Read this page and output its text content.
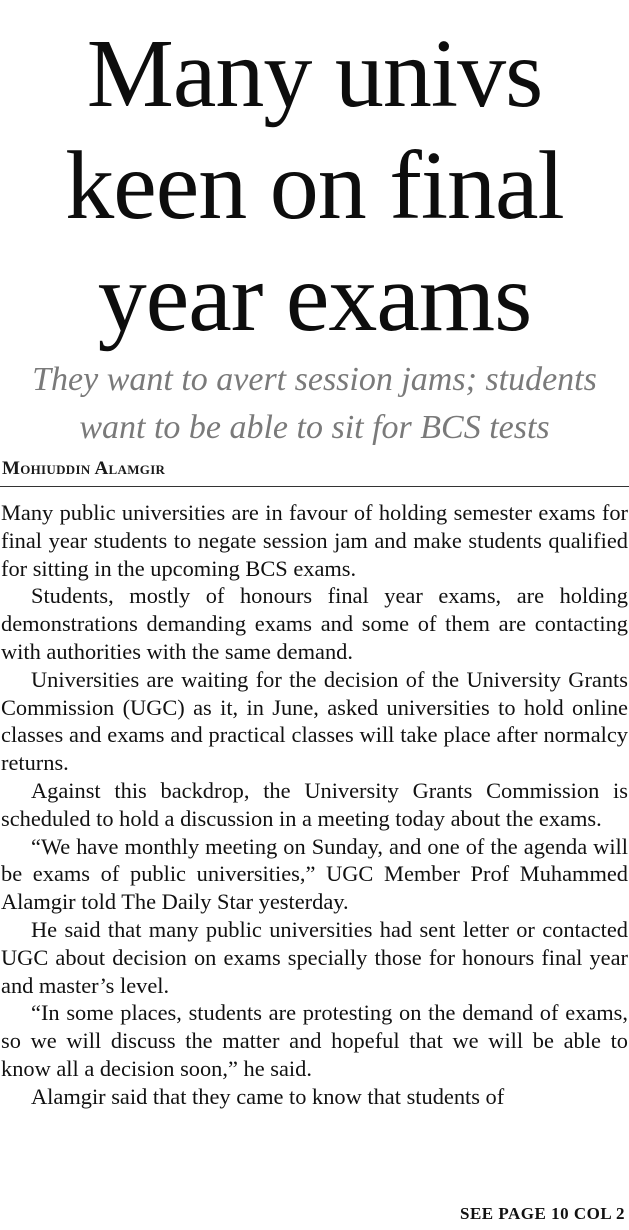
Many univs
keen on final
year exams
They want to avert session jams; students
want to be able to sit for BCS tests
Mohiuddin Alamgir

Many public universities are in favour of holding semester exams for final year students to negate session jam and make students qualified for sitting in the upcoming BCS exams.

Students, mostly of honours final year exams, are holding demonstrations demanding exams and some of them are contacting with authorities with the same demand.

Universities are waiting for the decision of the University Grants Commission (UGC) as it, in June, asked universities to hold online classes and exams and practical classes will take place after normalcy returns.

Against this backdrop, the University Grants Commission is scheduled to hold a discussion in a meeting today about the exams.

“We have monthly meeting on Sunday, and one of the agenda will be exams of public universities,” UGC Member Prof Muhammed Alamgir told The Daily Star yesterday.

He said that many public universities had sent letter or contacted UGC about decision on exams specially those for honours final year and master’s level.

“In some places, students are protesting on the demand of exams, so we will discuss the matter and hopeful that we will be able to know all a decision soon,” he said.

Alamgir said that they came to know that students of

SEE PAGE 10 COL 2
